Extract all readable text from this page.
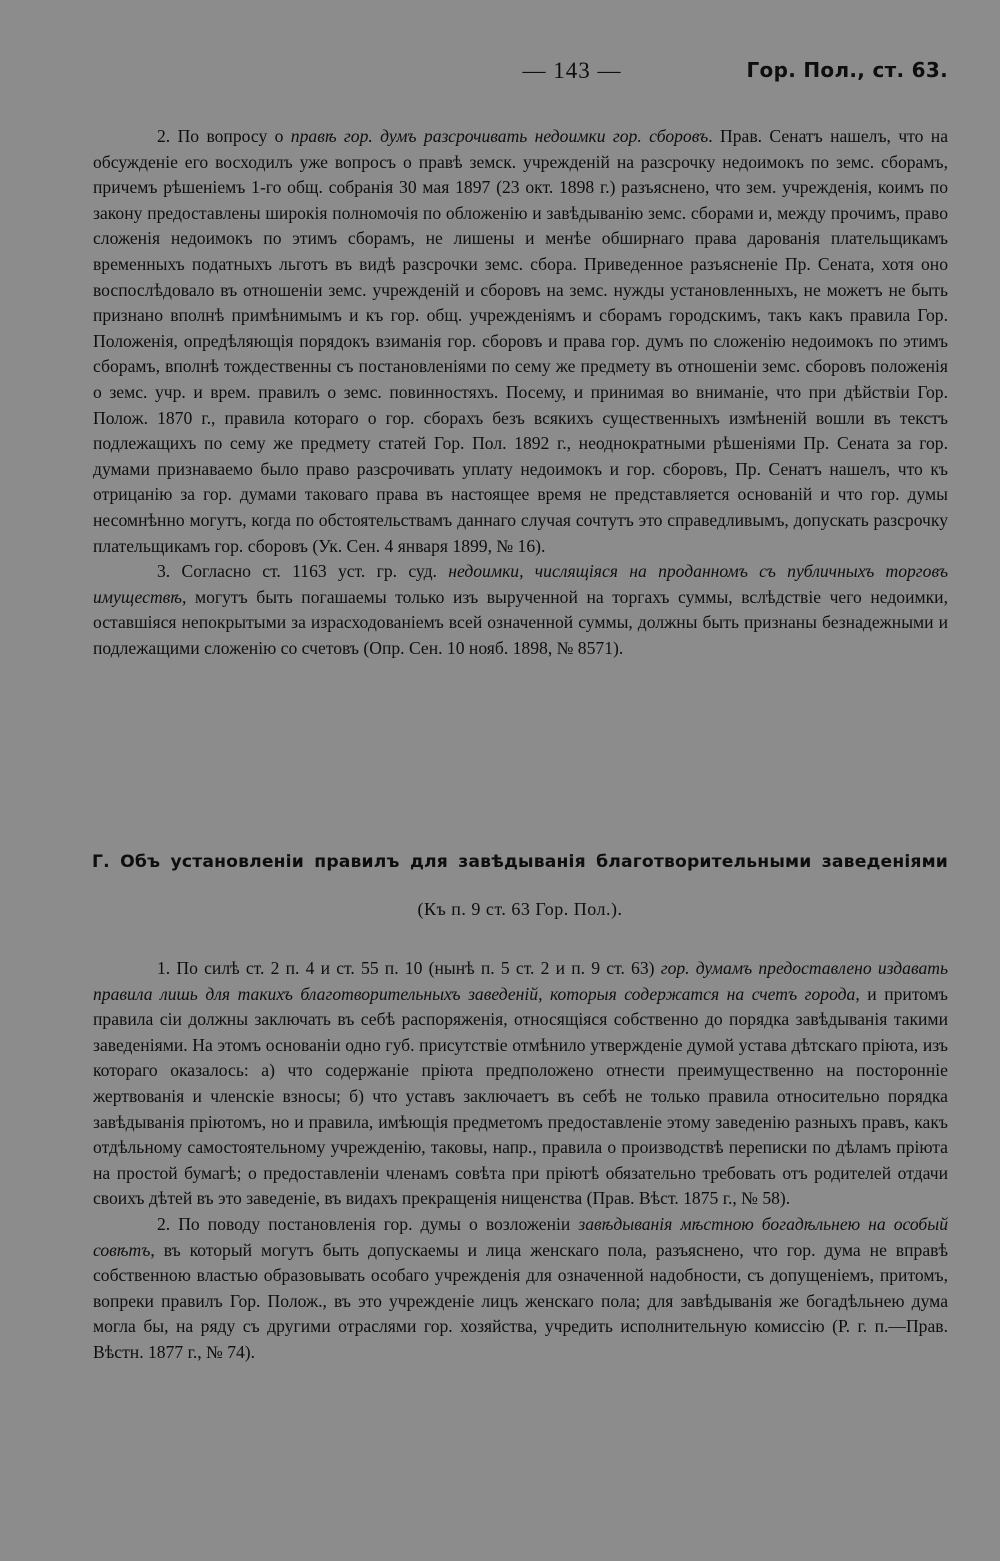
— 143 —	Гор. Пол., ст. 63.

2. По вопросу о правѣ гор. думъ разсрочивать недоимки гор. сборовъ. Прав. Сенатъ нашелъ, что на обсужденіе его восходилъ уже вопросъ о правѣ земск. учрежденій на разсрочку недоимокъ по земс. сборамъ, причемъ рѣшеніемъ 1-го общ. собранія 30 мая 1897 (23 окт. 1898 г.) разъяснено, что зем. учрежденія, коимъ по закону предоставлены широкія полномочія по обложенію и завѣдыванію земс. сборами и, между прочимъ, право сложенія недоимокъ по этимъ сборамъ, не лишены и менѣе обширнаго права дарованія плательщикамъ временныхъ податныхъ льготъ въ видѣ разсрочки земс. сбора. Приведенное разъясненіе Пр. Сената, хотя оно воспослѣдовало въ отношеніи земс. учрежденій и сборовъ на земс. нужды установленныхъ, не можетъ не быть признано вполнѣ примѣнимымъ и къ гор. общ. учрежденіямъ и сборамъ городскимъ, такъ какъ правила Гор. Положенія, опредѣляющія порядокъ взиманія гор. сборовъ и права гор. думъ по сложенію недоимокъ по этимъ сборамъ, вполнѣ тождественны съ постановленіями по сему же предмету въ отношеніи земс. сборовъ положенія о земс. учр. и врем. правилъ о земс. повинностяхъ. Посему, и принимая во вниманіе, что при дѣйствіи Гор. Полож. 1870 г., правила котораго о гор. сборахъ безъ всякихъ существенныхъ измѣненій вошли въ текстъ подлежащихъ по сему же предмету статей Гор. Пол. 1892 г., неоднократными рѣшеніями Пр. Сената за гор. думами признаваемо было право разсрочивать уплату недоимокъ и гор. сборовъ, Пр. Сенатъ нашелъ, что къ отрицанію за гор. думами таковаго права въ настоящее время не представляется основаній и что гор. думы несомнѣнно могутъ, когда по обстоятельствамъ даннаго случая сочтутъ это справедливымъ, допускать разсрочку плательщикамъ гор. сборовъ (Ук. Сен. 4 января 1899, № 16).

3. Согласно ст. 1163 уст. гр. суд. недоимки, числящіяся на проданномъ съ публичныхъ торговъ имуществѣ, могутъ быть погашаемы только изъ вырученной на торгахъ суммы, вслѣдствіе чего недоимки, оставшіяся непокрытыми за израсходованіемъ всей означенной суммы, должны быть признаны безнадежными и подлежащими сложенію со счетовъ (Опр. Сен. 10 нояб. 1898, № 8571).

Г. Объ установленіи правилъ для завѣдыванія благотворительными заведеніями
(Къ п. 9 ст. 63 Гор. Пол.).

1. По силѣ ст. 2 п. 4 и ст. 55 п. 10 (нынѣ п. 5 ст. 2 и п. 9 ст. 63) гор. думамъ предоставлено издавать правила лишь для такихъ благотворительныхъ заведеній, которыя содержатся на счетъ города, и притомъ правила сіи должны заключать въ себѣ распоряженія, относящіяся собственно до порядка завѣдыванія такими заведеніями. На этомъ основаніи одно губ. присутствіе отмѣнило утвержденіе думой устава дѣтскаго пріюта, изъ котораго оказалось: а) что содержаніе пріюта предположено отнести преимущественно на посторонніе жертвованія и членскіе взносы; б) что уставъ заключаетъ въ себѣ не только правила относительно порядка завѣдыванія пріютомъ, но и правила, имѣющія предметомъ предоставленіе этому заведенію разныхъ правъ, какъ отдѣльному самостоятельному учрежденію, таковы, напр., правила о производствѣ переписки по дѣламъ пріюта на простой бумагѣ; о предоставленіи членамъ совѣта при пріютѣ обязательно требовать отъ родителей отдачи своихъ дѣтей въ это заведеніе, въ видахъ прекращенія нищенства (Прав. Вѣст. 1875 г., № 58).

2. По поводу постановленія гор. думы о возложеніи завѣдыванія мѣстною богадѣльнею на особый совѣтъ, въ который могутъ быть допускаемы и лица женскаго пола, разъяснено, что гор. дума не вправѣ собственною властью образовывать особаго учрежденія для означенной надобности, съ допущеніемъ, притомъ, вопреки правилъ Гор. Полож., въ это учрежденіе лицъ женскаго пола; для завѣдыванія же богадѣльнею дума могла бы, на ряду съ другими отраслями гор. хозяйства, учредить исполнительную комиссію (Р. г. п.—Прав. Вѣстн. 1877 г., № 74).
